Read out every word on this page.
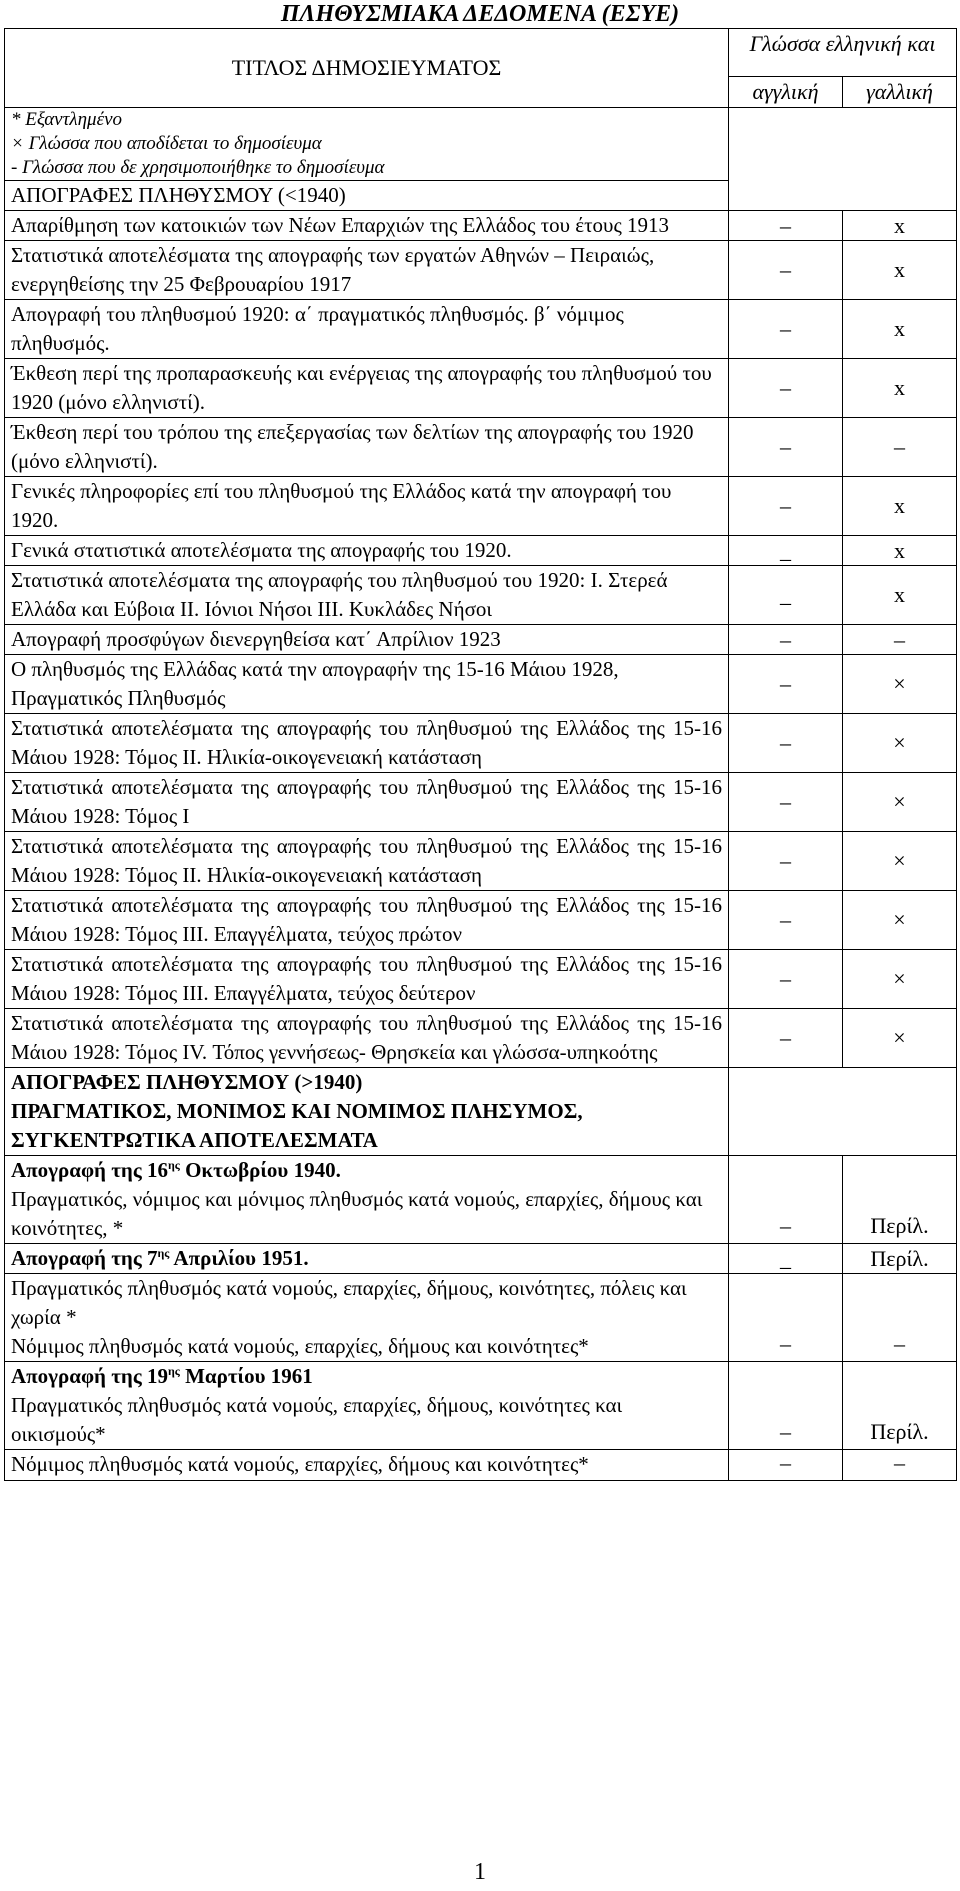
ΠΛΗΘΥΣΜΙΑΚΑ ΔΕΔΟΜΕΝΑ (ΕΣΥΕ)
ΤΙΤΛΟΣ ΔΗΜΟΣΙΕΥΜΑΤΟΣ	Γλώσσα ελληνική και	
	αγγλική	γαλλική

* Εξαντλημένο
× Γλώσσα που αποδίδεται το δημοσίευμα
- Γλώσσα που δε χρησιμοποιήθηκε το δημοσίευμα		

ΑΠΟΓΡΑΦΕΣ ΠΛΗΘΥΣΜΟΥ (<1940)		
Απαρίθμηση των κατοικιών των Νέων Επαρχιών της Ελλάδος του έτους 1913	–	x
Στατιστικά αποτελέσματα της απογραφής των εργατών Αθηνών – Πειραιώς, ενεργηθείσης την 25 Φεβρουαρίου 1917	–	x
Απογραφή του πληθυσμού 1920: α΄ πραγματικός πληθυσμός. β΄ νόμιμος πληθυσμός.	–	x
Έκθεση περί της προπαρασκευής και ενέργειας της απογραφής του πληθυσμού του 1920 (μόνο ελληνιστί).	–	x
Έκθεση περί του τρόπου της επεξεργασίας των δελτίων της απογραφής του 1920 (μόνο ελληνιστί).	–	–
Γενικές πληροφορίες επί του πληθυσμού της Ελλάδος κατά την απογραφή του 1920.	–	x
Γενικά στατιστικά αποτελέσματα της απογραφής του 1920.	_	x
Στατιστικά αποτελέσματα της απογραφής του πληθυσμού του 1920: Ι. Στερεά Ελλάδα και Εύβοια ΙΙ. Ιόνιοι Νήσοι ΙΙΙ. Κυκλάδες Νήσοι	_	x
Απογραφή προσφύγων διενεργηθείσα κατ΄ Απρίλιον 1923	–	–
Ο πληθυσμός της Ελλάδας κατά την απογραφήν της 15-16 Μάιου 1928, Πραγματικός Πληθυσμός	–	×
Στατιστικά αποτελέσματα της απογραφής του πληθυσμού της Ελλάδος της 15-16 Μάιου 1928: Τόμος ΙΙ. Ηλικία-οικογενειακή κατάσταση	–	×
Στατιστικά αποτελέσματα της απογραφής του πληθυσμού της Ελλάδος της 15-16 Μάιου 1928: Τόμος Ι	–	×
Στατιστικά αποτελέσματα της απογραφής του πληθυσμού της Ελλάδος της 15-16 Μάιου 1928: Τόμος ΙΙ. Ηλικία-οικογενειακή κατάσταση	–	×
Στατιστικά αποτελέσματα της απογραφής του πληθυσμού της Ελλάδος της 15-16 Μάιου 1928: Τόμος ΙΙΙ. Επαγγέλματα, τεύχος πρώτον	–	×
Στατιστικά αποτελέσματα της απογραφής του πληθυσμού της Ελλάδος της 15-16 Μάιου 1928: Τόμος ΙΙΙ. Επαγγέλματα, τεύχος δεύτερον	–	×
Στατιστικά αποτελέσματα της απογραφής του πληθυσμού της Ελλάδος της 15-16 Μάιου 1928: Τόμος IV. Τόπος γεννήσεως- Θρησκεία και γλώσσα-υπηκοότης	–	×

ΑΠΟΓΡΑΦΕΣ ΠΛΗΘΥΣΜΟΥ (>1940)
ΠΡΑΓΜΑΤΙΚΟΣ, ΜΟΝΙΜΟΣ ΚΑΙ ΝΟΜΙΜΟΣ ΠΛΗΣΥΜΟΣ, ΣΥΓΚΕΝΤΡΩΤΙΚΑ ΑΠΟΤΕΛΕΣΜΑΤΑ		

Απογραφή της $16^{\eta\varsigma}$ Οκτωβρίου 1940.
Πραγματικός, νόμιμος και μόνιμος πληθυσμός κατά νομούς, επαρχίες, δήμους και κοινότητες, *	–	Περίλ.

Απογραφή της $7^{\eta\varsigma}$ Απριλίου 1951.	_	Περίλ.

Πραγματικός πληθυσμός κατά νομούς, επαρχίες, δήμους, κοινότητες, πόλεις και χωρία *
Νόμιμος πληθυσμός κατά νομούς, επαρχίες, δήμους και κοινότητες*	–	–

Απογραφή της $19^{\eta\varsigma}$ Μαρτίου 1961
Πραγματικός πληθυσμός κατά νομούς, επαρχίες, δήμους, κοινότητες και οικισμούς*	–	Περίλ.

Νόμιμος πληθυσμός κατά νομούς, επαρχίες, δήμους και κοινότητες*	–	–
1
